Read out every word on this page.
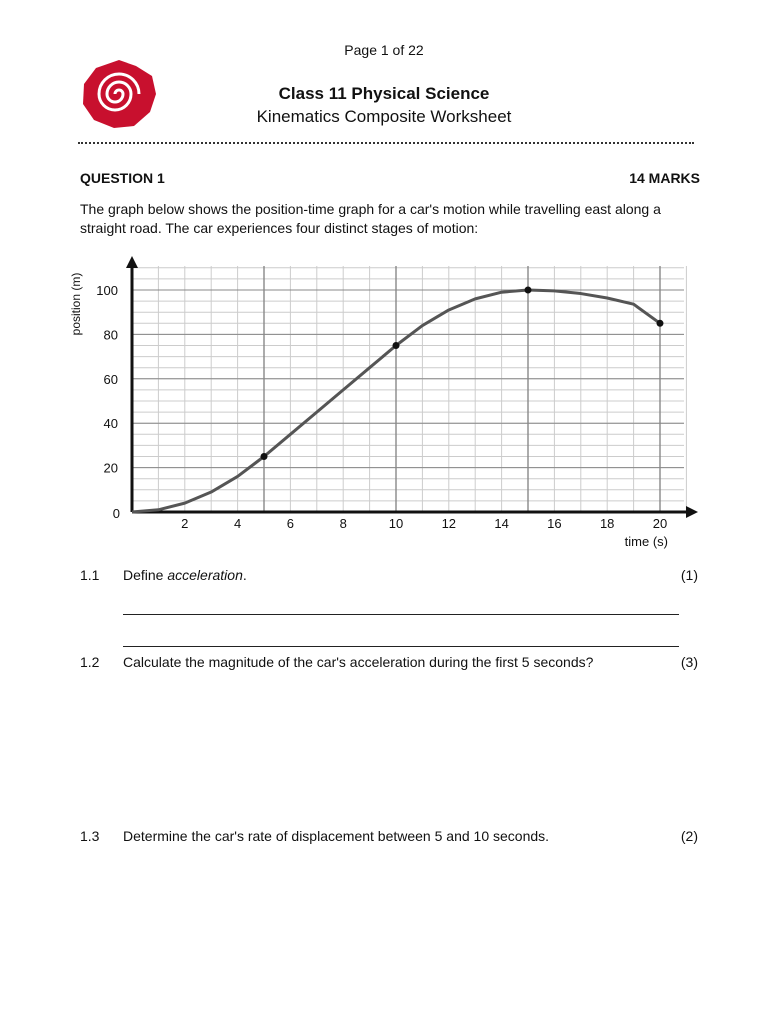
Page 1 of 22
Class 11 Physical Science
Kinematics Composite Worksheet
QUESTION 1	14 MARKS
The graph below shows the position-time graph for a car's motion while travelling east along a straight road. The car experiences four distinct stages of motion:
2	4	6	8	10	12	14	16	18	20
0
20
40
60
80
100
time (s)
position (m)
1.1 Define acceleration.	(1)
1.2 Calculate the magnitude of the car's acceleration during the first 5 seconds?	(3)
1.3 Determine the car's rate of displacement between 5 and 10 seconds.	(2)
